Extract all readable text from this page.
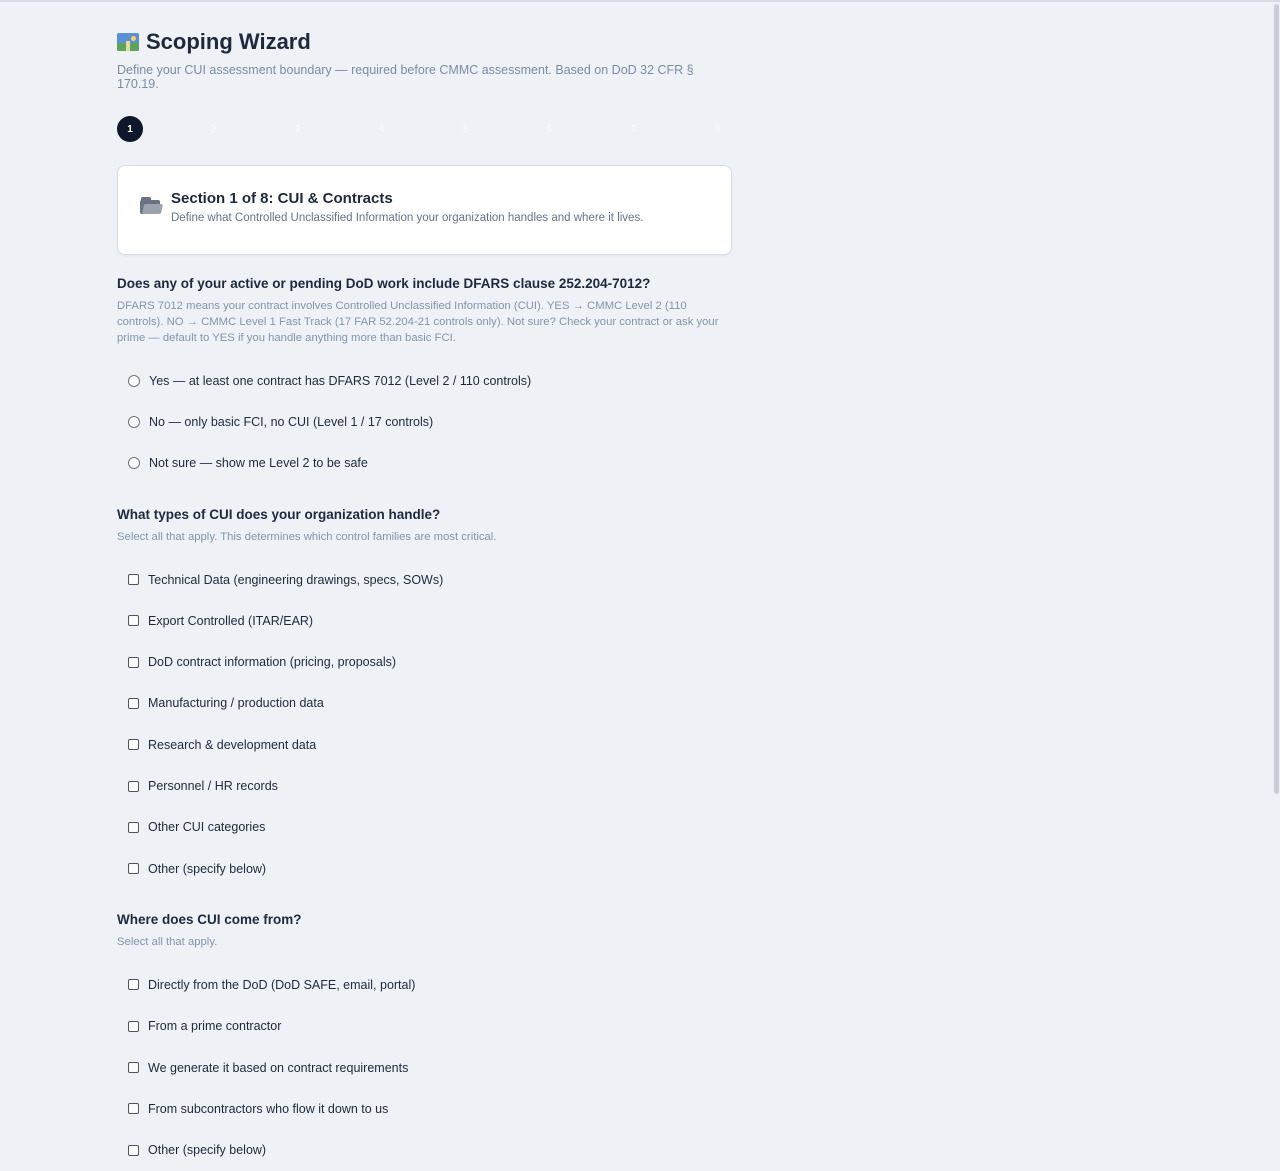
Scoping Wizard
Define your CUI assessment boundary — required before CMMC assessment. Based on DoD 32 CFR § 170.19.
1	2	3	4	5	6	7	8
Section 1 of 8: CUI & Contracts
Define what Controlled Unclassified Information your organization handles and where it lives.
Does any of your active or pending DoD work include DFARS clause 252.204-7012?
DFARS 7012 means your contract involves Controlled Unclassified Information (CUI). YES → CMMC Level 2 (110 controls). NO → CMMC Level 1 Fast Track (17 FAR 52.204-21 controls only). Not sure? Check your contract or ask your prime — default to YES if you handle anything more than basic FCI.
Yes — at least one contract has DFARS 7012 (Level 2 / 110 controls)
No — only basic FCI, no CUI (Level 1 / 17 controls)
Not sure — show me Level 2 to be safe
What types of CUI does your organization handle?
Select all that apply. This determines which control families are most critical.
Technical Data (engineering drawings, specs, SOWs)
Export Controlled (ITAR/EAR)
DoD contract information (pricing, proposals)
Manufacturing / production data
Research & development data
Personnel / HR records
Other CUI categories
Other (specify below)
Where does CUI come from?
Select all that apply.
Directly from the DoD (DoD SAFE, email, portal)
From a prime contractor
We generate it based on contract requirements
From subcontractors who flow it down to us
Other (specify below)
